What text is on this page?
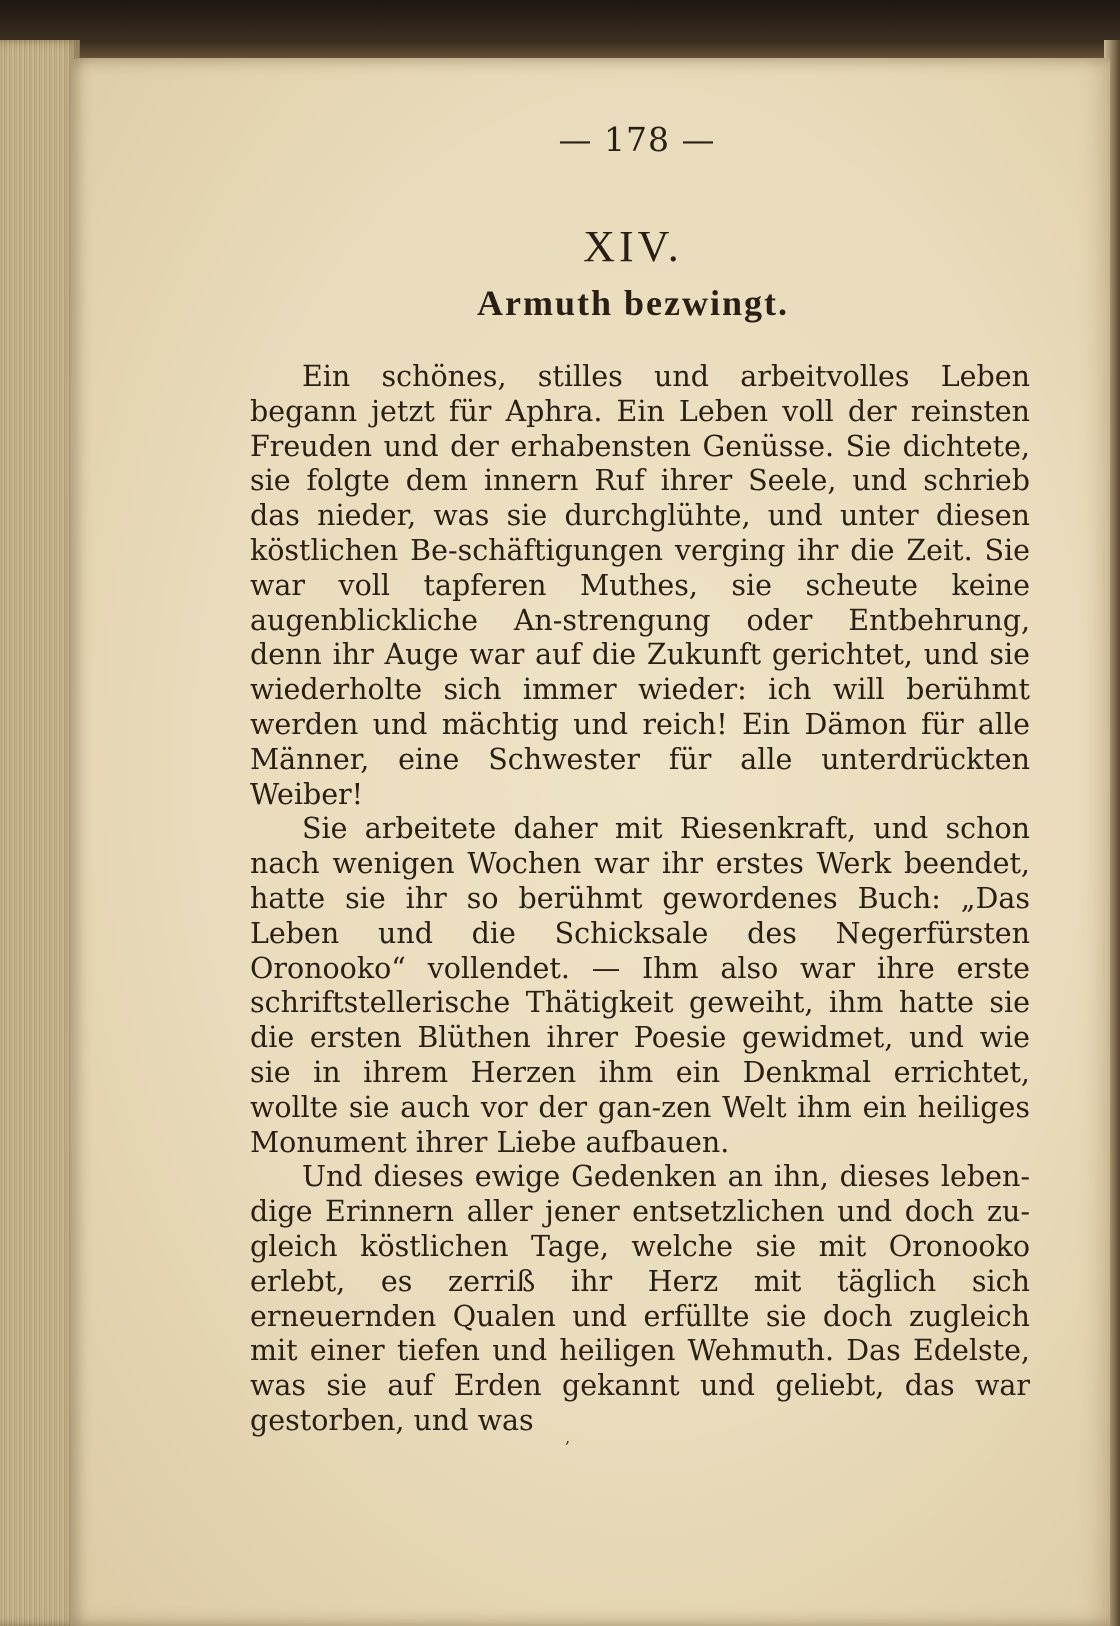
— 178 —
XIV.
Armuth bezwingt.

Ein schönes, stilles und arbeitvolles Leben begann jetzt für Aphra. Ein Leben voll der reinsten Freuden und der erhabensten Genüsse. Sie dichtete, sie folgte dem innern Ruf ihrer Seele, und schrieb das nieder, was sie durchglühte, und unter diesen köstlichen Be-schäftigungen verging ihr die Zeit. Sie war voll tapferen Muthes, sie scheute keine augenblickliche An-strengung oder Entbehrung, denn ihr Auge war auf die Zukunft gerichtet, und sie wiederholte sich immer wieder: ich will berühmt werden und mächtig und reich! Ein Dämon für alle Männer, eine Schwester für alle unterdrückten Weiber!

Sie arbeitete daher mit Riesenkraft, und schon nach wenigen Wochen war ihr erstes Werk beendet, hatte sie ihr so berühmt gewordenes Buch: „Das Leben und die Schicksale des Negerfürsten Oronooko“ vollendet. — Ihm also war ihre erste schriftstellerische Thätigkeit geweiht, ihm hatte sie die ersten Blüthen ihrer Poesie gewidmet, und wie sie in ihrem Herzen ihm ein Denkmal errichtet, wollte sie auch vor der gan-zen Welt ihm ein heiliges Monument ihrer Liebe aufbauen.

Und dieses ewige Gedenken an ihn, dieses leben-dige Erinnern aller jener entsetzlichen und doch zu-gleich köstlichen Tage, welche sie mit Oronooko erlebt, es zerriß ihr Herz mit täglich sich erneuernden Qualen und erfüllte sie doch zugleich mit einer tiefen und heiligen Wehmuth. Das Edelste, was sie auf Erden gekannt und geliebt, das war gestorben, und was

‚
